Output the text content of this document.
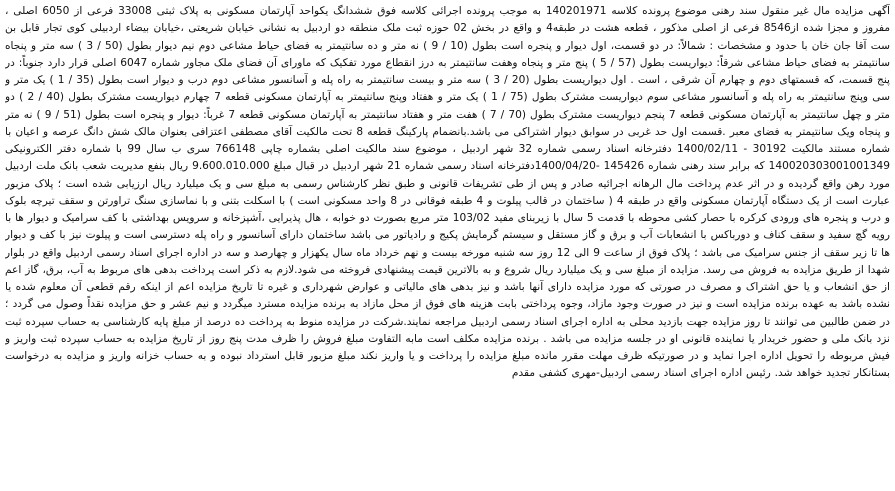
آگهی مزایده مال غیر منقول سند رهنی موضوع پرونده کلاسه 140201971 به موجب پرونده اجرائی کلاسه فوق ششدانگ یکواحد آپارتمان مسکونی به پلاک ثبتی 33008 فرعی از 6050 اصلی ، مفروز و مجزا شده از8546 فرعی از اصلی مذکور ، قطعه هشت در طبقه4 و واقع در بخش 02 حوزه ثبت ملک منطقه دو اردبیل به نشانی خیابان شریعتی ،خیابان بیضاء اردبیلی کوی تجار قابل بن ست آقا جان خان با حدود و مشخصات : شمالاً: در دو قسمت، اول دیوار و پنجره است بطول (10 / 9 ) نه متر و ده سانتیمتر به فضای حیاط مشاعی دوم نیم دیوار بطول (50 / 3 ) سه متر و پنجاه سانتیمتر به فضای حیاط مشاعی شرقاً: دیواریست بطول (57 / 5 ) پنج متر و پنجاه وهفت سانتیمتر به درز انقطاع مورد تفکیک که ماورای آن فضای ملک مجاور شماره 6047 اصلی قرار دارد جنوباً: در پنج قسمت، که قسمتهای دوم و چهارم آن شرقی ، است . اول دیواریست بطول (20 / 3 ) سه متر و بیست سانتیمتر به راه پله و آسانسور مشاعی دوم درب و دیوار است بطول (35 / 1 ) یک متر و سی وپنج سانتیمتر به راه پله و آسانسور مشاعی سوم دیواریست مشترک بطول (75 / 1 ) یک متر و هفتاد وپنج سانتیمتر به آپارتمان مسکونی قطعه 7 چهارم دیواریست مشترک بطول (40 / 2 ) دو متر و چهل سانتیمتر به آپارتمان مسکونی قطعه 7 پنجم دیواریست مشترک بطول (70 / 7 ) هفت متر و هفتاد سانتیمتر به آپارتمان مسکونی قطعه 7 غرباً: دیوار و پنجره است بطول (51 / 9 ) نه متر و پنجاه ویک سانتیمتر به فضای معبر .قسمت اول حد غربی در سوابق دیوار اشتراکی می باشد.بانضمام پارکینگ قطعه 8 تحت مالکیت آقای مصطفی اعتزافی بعنوان مالک شش دانگ عرصه و اعیان با شماره مستند مالکیت 30192 - 1400/02/11 دفترخانه اسناد رسمی شماره 32 شهر اردبیل ، موضوع سند مالکیت اصلی بشماره چاپی 766148 سری ب سال 99 با شماره دفتر الکترونیکی 140020303001001349 که برابر سند رهنی شماره 145426 -1400/04/20دفترخانه اسناد رسمی شماره 21 شهر اردبیل در قبال مبلغ 9.600.010.000 ریال بنفع مدیریت شعب بانک ملت اردبیل مورد رهن واقع گردیده و در اثر عدم پرداخت مال الرهانه اجرائیه صادر و پس از طی تشریفات قانونی و طبق نظر کارشناس رسمی به مبلغ سی و یک میلیارد ریال ارزیابی شده است ؛ پلاک مزبور عبارت است از یک دستگاه آپارتمان مسکونی واقع در طبقه 4 ( ساختمان در قالب پیلوت و 4 طبقه فوقانی در 8 واحد مسکونی است ) با اسکلت بتنی و با نماسازی سنگ تراورتن و سقف تیرچه بلوک و درب و پنجره های ورودی کرکره با حصار کشی محوطه با قدمت 5 سال با زیربنای مفید 103/02 متر مربع بصورت دو خوابه ، هال پذیرایی ،آشپزخانه و سرویس بهداشتی با کف سرامیک و دیوار ها با رویه گچ سفید و سقف کناف و دورباکس با انشعابات آب و برق و گاز مستقل و سیستم گرمایش پکیج و رادیاتور می باشد ساختمان دارای آسانسور و راه پله دسترسی است و پیلوت نیز با کف و دیوار ها تا زیر سقف از جنس سرامیک می باشد ؛ پلاک فوق از ساعت 9 الی 12 روز سه شنبه مورخه بیست و نهم خرداد ماه سال یکهزار و چهارصد و سه در اداره اجرای اسناد رسمی اردبیل واقع در بلوار شهدا از طریق مزایده به فروش می رسد. مزایده از مبلغ سی و یک میلیارد ریال شروع و به بالاترین قیمت پیشنهادی فروخته می شود.لازم به ذکر است پرداخت بدهی های مربوط به آب، برق، گاز اعم از حق انشعاب و یا حق اشتراک و مصرف در صورتی که مورد مزایده دارای آنها باشد و نیز بدهی های مالیاتی و عوارض شهرداری و غیره تا تاریخ مزایده اعم از اینکه رقم قطعی آن معلوم شده یا نشده باشد به عهده برنده مزایده است و نیز در صورت وجود مازاد، وجوه پرداختی بابت هزینه های فوق از محل مازاد به برنده مزایده مسترد میگردد و نیم عشر و حق مزایده نقداً وصول می گردد ؛ در ضمن طالبین می توانند تا روز مزایده جهت بازدید محلی به اداره اجرای اسناد رسمی اردبیل مراجعه نمایند.شرکت در مزایده منوط به پرداخت ده درصد از مبلغ پایه کارشناسی به حساب سپرده ثبت نزد بانک ملی و حضور خریدار یا نماینده قانونی او در جلسه مزایده می باشد . برنده مزایده مکلف است مابه التفاوت مبلغ فروش را ظرف مدت پنج روز از تاریخ مزایده به حساب سپرده ثبت واریز و فیش مربوطه را تحویل اداره اجرا نماید و در صورتیکه ظرف مهلت مقرر مانده مبلغ مزایده را پرداخت و یا واریز نکند مبلغ مزبور قابل استرداد نبوده و به حساب خزانه واریز و مزایده به درخواست بستانکار تجدید خواهد شد. رئیس اداره اجرای اسناد رسمی اردبیل-مهری کشفی مقدم
